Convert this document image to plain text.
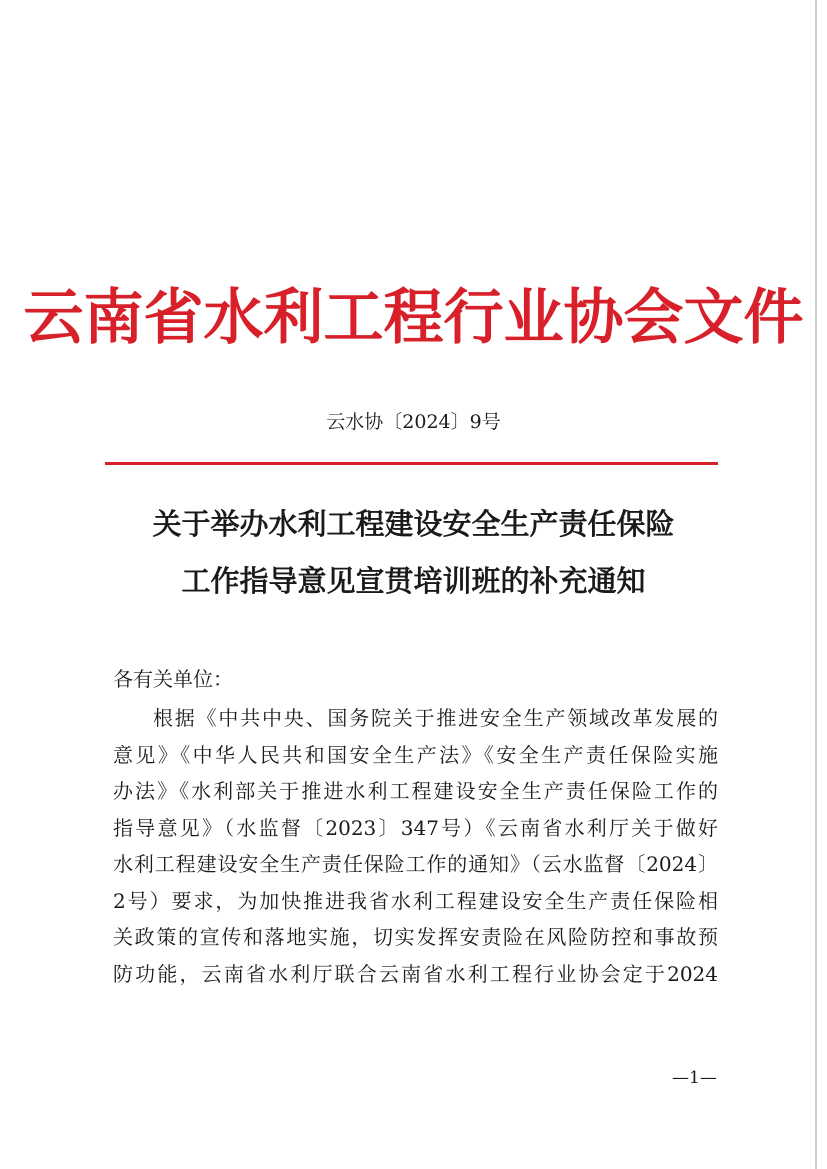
云南省水利工程行业协会文件
云水协〔2024〕9号
关于举办水利工程建设安全生产责任保险
工作指导意见宣贯培训班的补充通知
各有关单位：
根据《中共中央、国务院关于推进安全生产领域改革发展的
意见》《中华人民共和国安全生产法》《安全生产责任保险实施
办法》《水利部关于推进水利工程建设安全生产责任保险工作的
指导意见》（水监督〔2023〕347号）《云南省水利厅关于做好
水利工程建设安全生产责任保险工作的通知》（云水监督〔2024〕
2号）要求，为加快推进我省水利工程建设安全生产责任保险相
关政策的宣传和落地实施，切实发挥安责险在风险防控和事故预
防功能，云南省水利厅联合云南省水利工程行业协会定于2024
—1—
